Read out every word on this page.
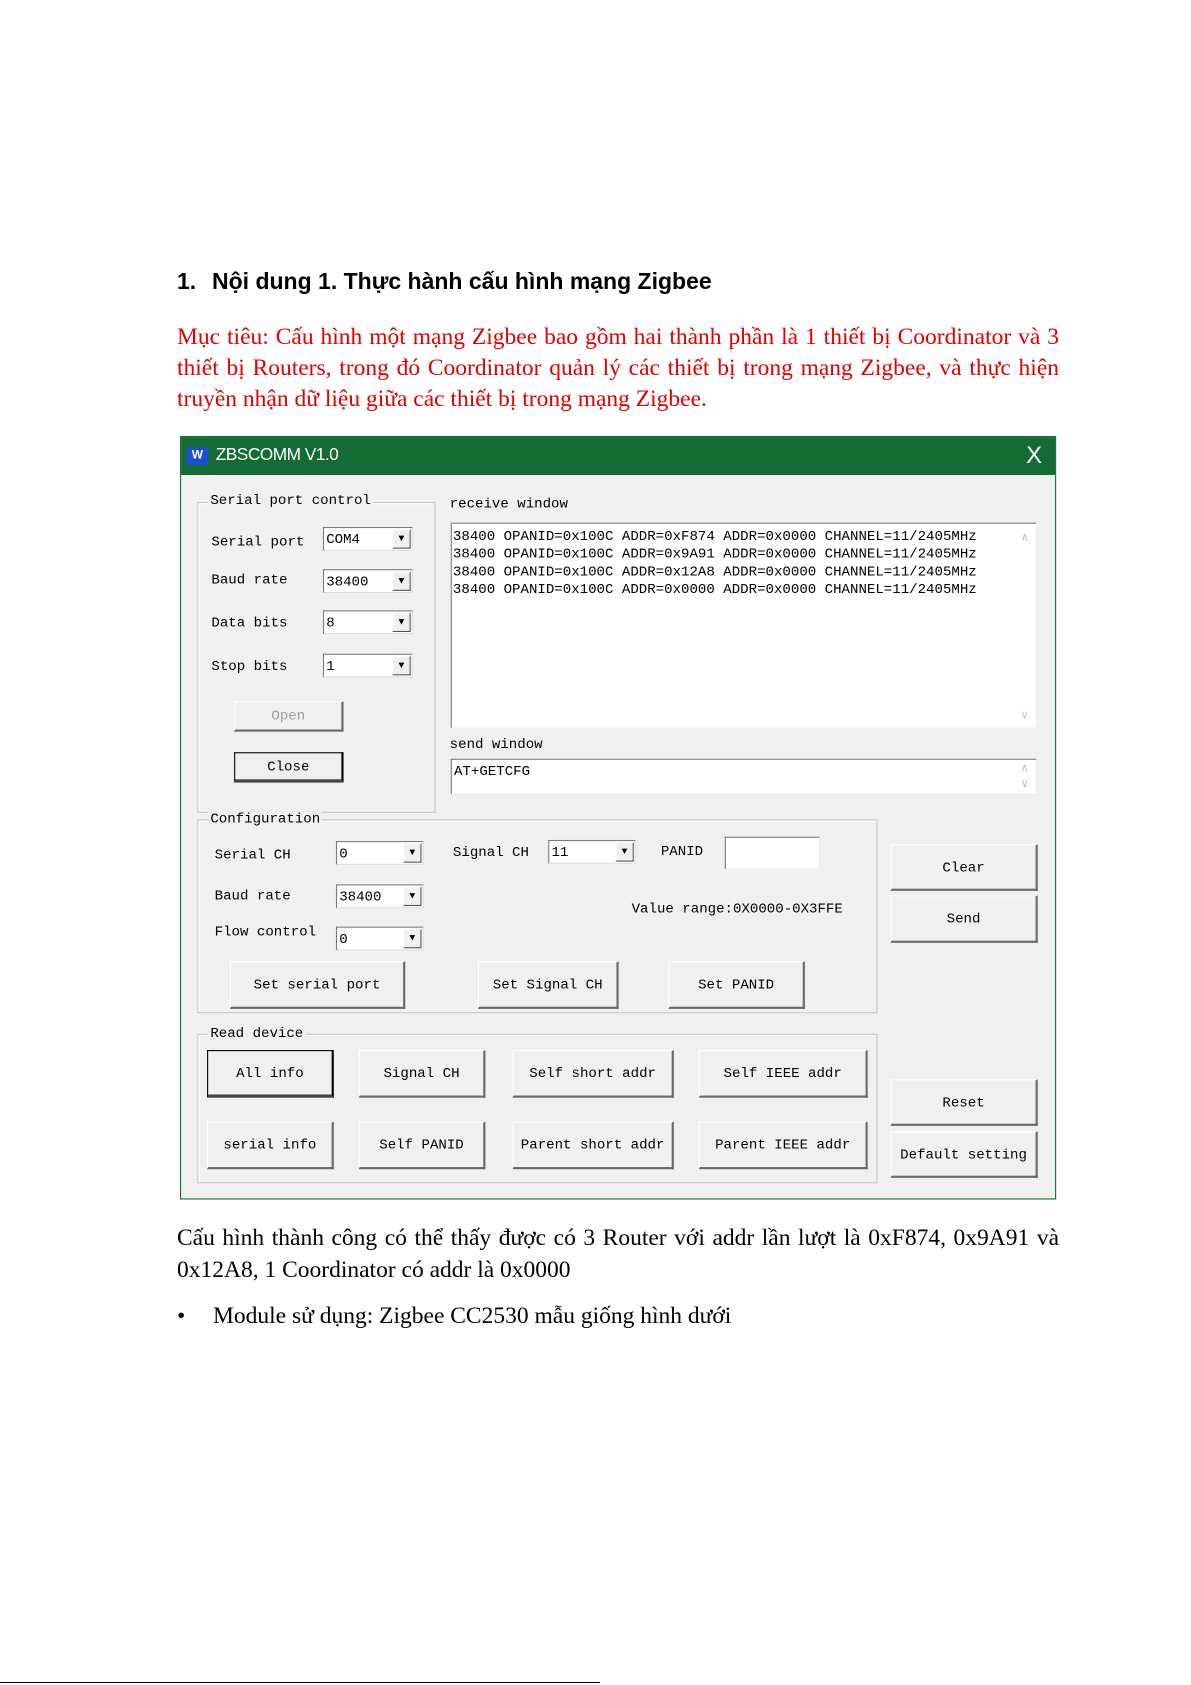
1. Nội dung 1. Thực hành cấu hình mạng Zigbee
Mục tiêu: Cấu hình một mạng Zigbee bao gồm hai thành phần là 1 thiết bị Coordinator và 3 thiết bị Routers, trong đó Coordinator quản lý các thiết bị trong mạng Zigbee, và thực hiện truyền nhận dữ liệu giữa các thiết bị trong mạng Zigbee.
W ZBSCOMM V1.0	X
Serial port control
Serial port COM4	▼
Baud rate	38400	▼
Data bits	8	▼
Stop bits	1	▼
Open
Close
receive window
38400 OPANID=0x100C ADDR=0xF874 ADDR=0x0000 CHANNEL=11/2405MHz
38400 OPANID=0x100C ADDR=0x9A91 ADDR=0x0000 CHANNEL=11/2405MHz
38400 OPANID=0x100C ADDR=0x12A8 ADDR=0x0000 CHANNEL=11/2405MHz
38400 OPANID=0x100C ADDR=0x0000 ADDR=0x0000 CHANNEL=11/2405MHz
∧
∨
send window
AT+GETCFG	∧
∨
Configuration
Serial CH	0	▼	Signal CH 11	▼	PANID
Baud rate	38400	▼
Value range:0X0000-0X3FFE
Flow control 0	▼
Set serial port	Set Signal CH	Set PANID
Read device
All info	Signal CH	Self short addr	Self IEEE addr
serial info	Self PANID	Parent short addr	Parent IEEE addr
Clear
Send
Reset
Default setting
Cấu hình thành công có thể thấy được có 3 Router với addr lần lượt là 0xF874, 0x9A91 và 0x12A8, 1 Coordinator có addr là 0x0000
• Module sử dụng: Zigbee CC2530 mẫu giống hình dưới
